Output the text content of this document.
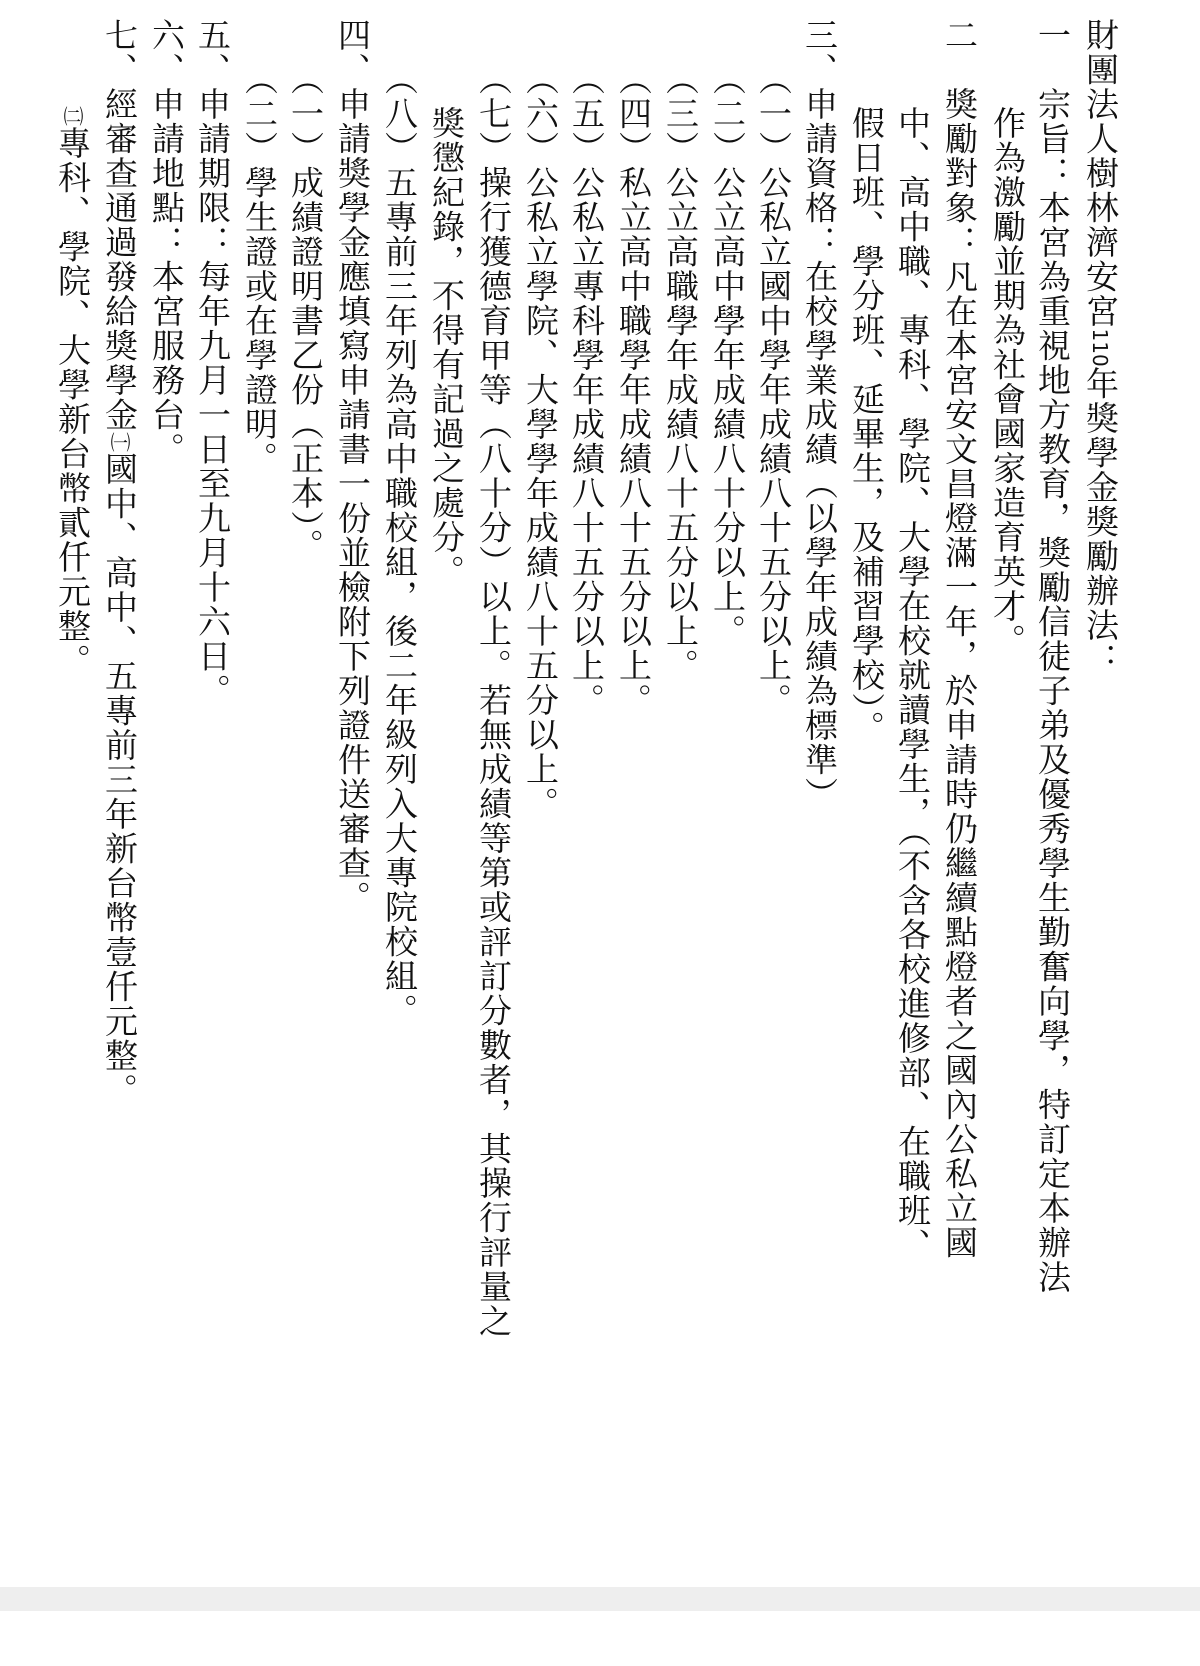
財團法人樹林濟安宮110年獎學金獎勵辦法：
一　宗旨：本宮為重視地方教育，獎勵信徒子弟及優秀學生勤奮向學，特訂定本辦法
作為激勵並期為社會國家造育英才。
二　獎勵對象：凡在本宮安文昌燈滿一年，於申請時仍繼續點燈者之國內公私立國
中、高中職、專科、學院、大學在校就讀學生，（不含各校進修部、在職班、
假日班、學分班、延畢生，及補習學校）。
三、申請資格：在校學業成績（以學年成績為標準）
（一）公私立國中學年成績八十五分以上。
（二）公立高中學年成績八十分以上。
（三）公立高職學年成績八十五分以上。
（四）私立高中職學年成績八十五分以上。
（五）公私立專科學年成績八十五分以上。
（六）公私立學院、大學學年成績八十五分以上。
（七）操行獲德育甲等（八十分）以上。若無成績等第或評訂分數者，其操行評量之
獎懲紀錄，不得有記過之處分。
（八）五專前三年列為高中職校組，後二年級列入大專院校組。
四、申請獎學金應填寫申請書一份並檢附下列證件送審查。
（一）成績證明書乙份（正本）。
（二）學生證或在學證明。
五、申請期限：每年九月一日至九月十六日。
六、申請地點：本宮服務台。
七、經審查通過發給獎學金㈠國中、高中、五專前三年新台幣壹仟元整。
㈡專科、學院、大學新台幣貳仟元整。
